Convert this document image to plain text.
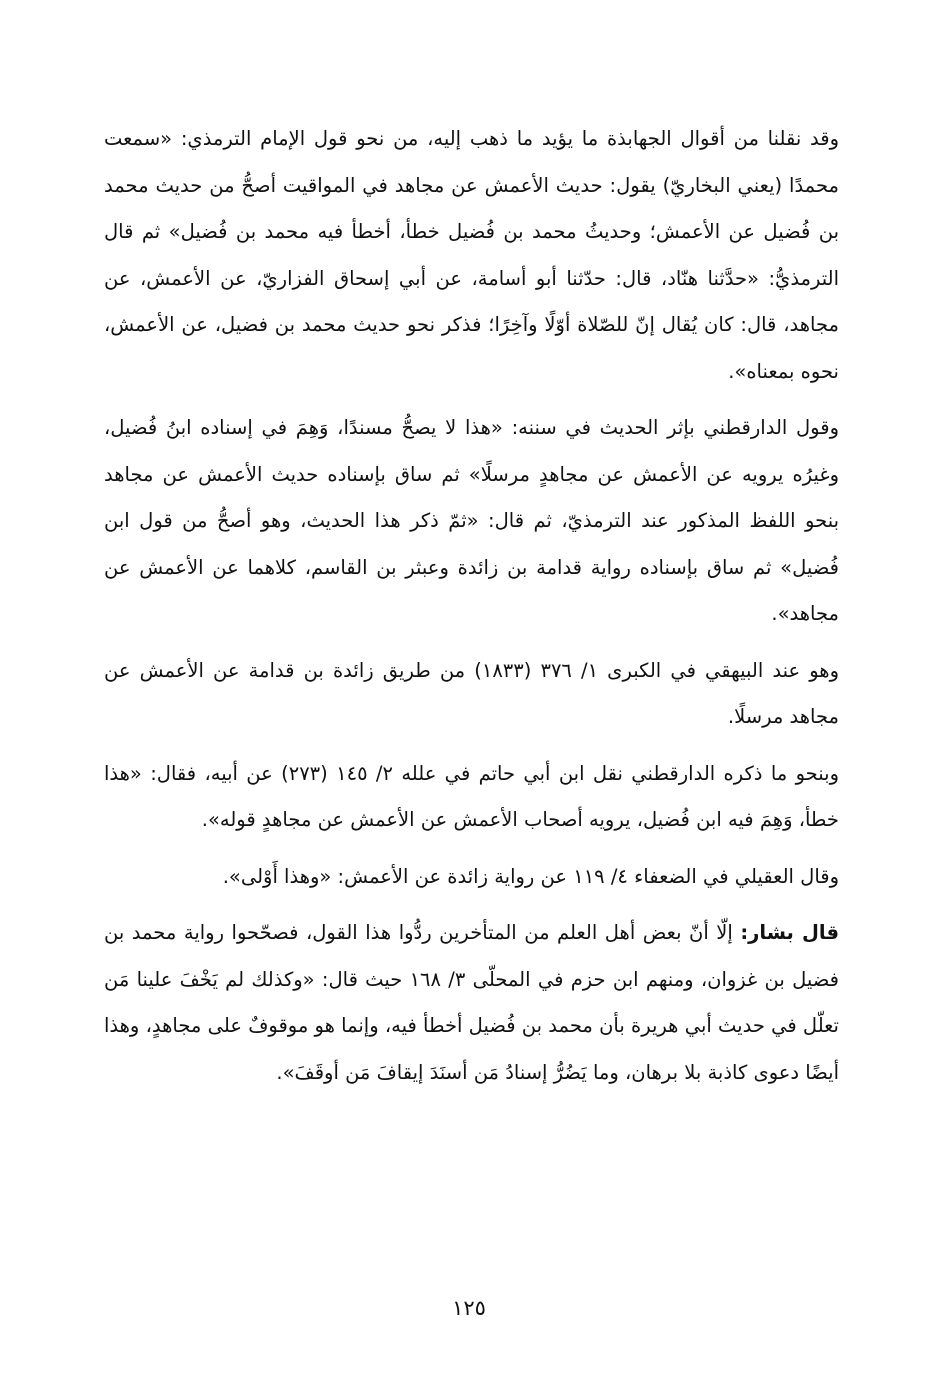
وقد نقلنا من أقوال الجهابذة ما يؤيد ما ذهب إليه، من نحو قول الإمام الترمذي: «سمعت محمدًا (يعني البخاريّ) يقول: حديث الأعمش عن مجاهد في المواقيت أصحُّ من حديث محمد بن فُضيل عن الأعمش؛ وحديثُ محمد بن فُضيل خطأ، أخطأ فيه محمد بن فُضيل» ثم قال الترمذيُّ: «حدَّثنا هنّاد، قال: حدّثنا أبو أسامة، عن أبي إسحاق الفزاريّ، عن الأعمش، عن مجاهد، قال: كان يُقال إنّ للصّلاة أوّلًا وآخِرًا؛ فذكر نحو حديث محمد بن فضيل، عن الأعمش، نحوه بمعناه».

وقول الدارقطني بإثر الحديث في سننه: «هذا لا يصحُّ مسندًا، وَهِمَ في إسناده ابنُ فُضيل، وغيرُه يرويه عن الأعمش عن مجاهدٍ مرسلًا» ثم ساق بإسناده حديث الأعمش عن مجاهد بنحو اللفظ المذكور عند الترمذيّ، ثم قال: «ثمّ ذكر هذا الحديث، وهو أصحُّ من قول ابن فُضيل» ثم ساق بإسناده رواية قدامة بن زائدة وعبثر بن القاسم، كلاهما عن الأعمش عن مجاهد».

وهو عند البيهقي في الكبرى ١/ ٣٧٦ (١٨٣٣) من طريق زائدة بن قدامة عن الأعمش عن مجاهد مرسلًا.

وبنحو ما ذكره الدارقطني نقل ابن أبي حاتم في علله ٢/ ١٤٥ (٢٧٣) عن أبيه، فقال: «هذا خطأ، وَهِمَ فيه ابن فُضيل، يرويه أصحاب الأعمش عن الأعمش عن مجاهدٍ قوله».

وقال العقيلي في الضعفاء ٤/ ١١٩ عن رواية زائدة عن الأعمش: «وهذا أَوْلى».

قال بشار: إلّا أنّ بعض أهل العلم من المتأخرين ردُّوا هذا القول، فصحّحوا رواية محمد بن فضيل بن غزوان، ومنهم ابن حزم في المحلّى ٣/ ١٦٨ حيث قال: «وكذلك لم يَخْفَ علينا مَن تعلّل في حديث أبي هريرة بأن محمد بن فُضيل أخطأ فيه، وإنما هو موقوفٌ على مجاهدٍ، وهذا أيضًا دعوى كاذبة بلا برهان، وما يَضُرُّ إسنادُ مَن أسنَدَ إيقافَ مَن أوقَفَ».

١٢٥
